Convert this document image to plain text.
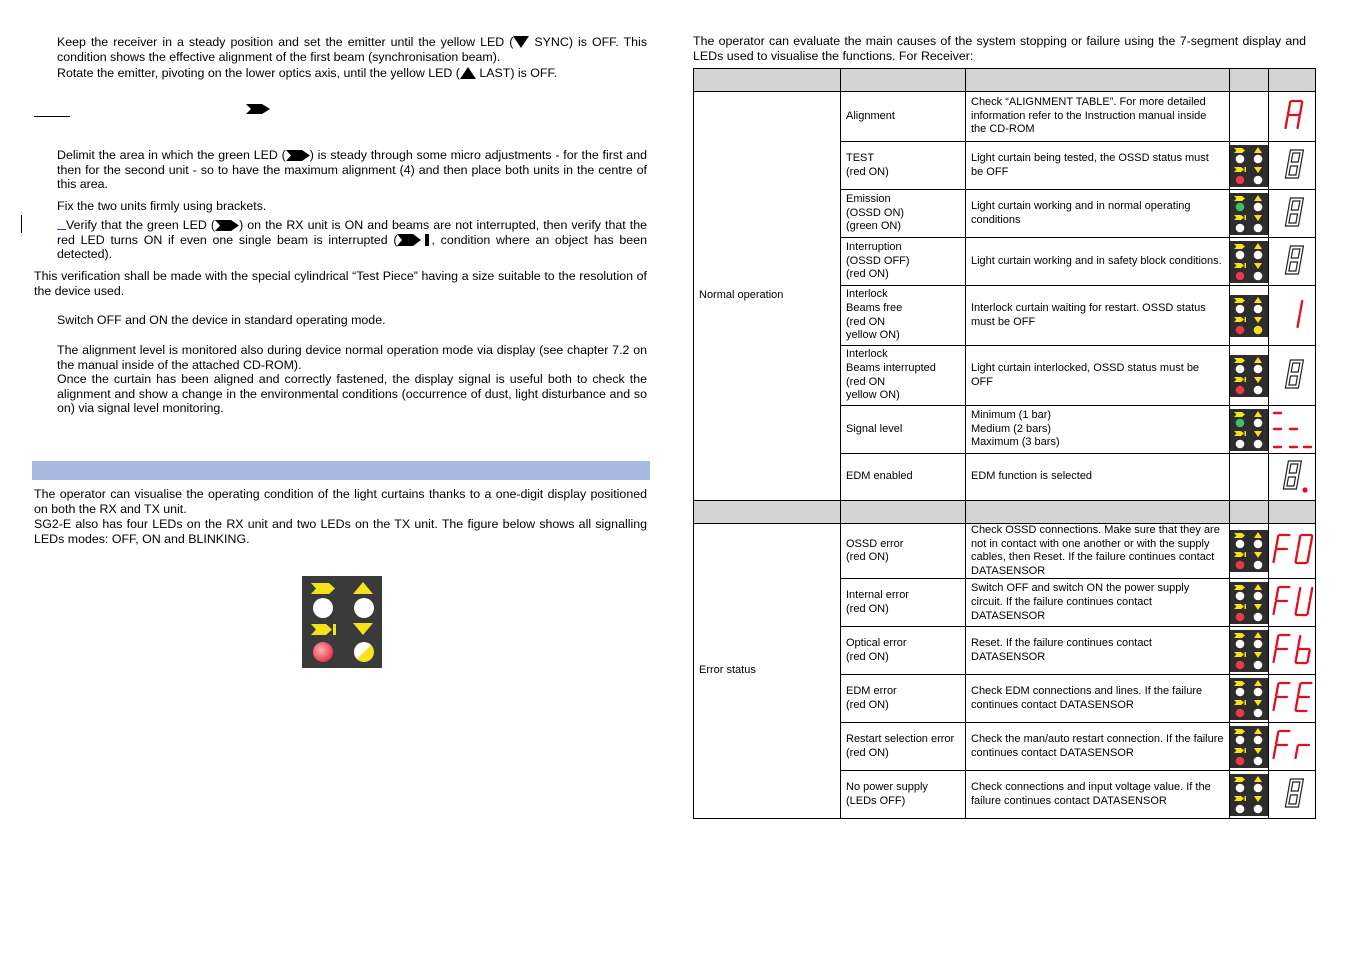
Keep the receiver in a steady position and set the emitter until the yellow LED ( SYNC) is OFF. This condition shows the effective alignment of the first beam (synchronisation beam).
Rotate the emitter, pivoting on the lower optics axis, until the yellow LED ( LAST) is OFF.
Delimit the area in which the green LED ( ) is steady through some micro adjustments - for the first and then for the second unit - so to have the maximum alignment (4) and then place both units in the centre of this area.
Fix the two units firmly using brackets.
Verify that the green LED ( ) on the RX unit is ON and beams are not interrupted, then verify that the red LED turns ON if even one single beam is interrupted (	, condition where an object has been detected).
This verification shall be made with the special cylindrical “Test Piece” having a size suitable to the resolution of the device used.
Switch OFF and ON the device in standard operating mode.
The alignment level is monitored also during device normal operation mode via display (see chapter 7.2 on the manual inside of the attached CD-ROM).
Once the curtain has been aligned and correctly fastened, the display signal is useful both to check the alignment and show a change in the environmental conditions (occurrence of dust, light disturbance and so on) via signal level monitoring.
The operator can visualise the operating condition of the light curtains thanks to a one-digit display positioned on both the RX and TX unit.
SG2-E also has four LEDs on the RX unit and two LEDs on the TX unit. The figure below shows all signalling LEDs modes: OFF, ON and BLINKING.
The operator can evaluate the main causes of the system stopping or failure using the 7-segment display and LEDs used to visualise the functions. For Receiver:

Normal operation	Alignment	Check “ALIGNMENT TABLE”. For more detailed information refer to the Instruction manual inside the CD-ROM		

	TEST
(red ON)	Light curtain being tested, the OSSD status must be OFF	

	Emission
(OSSD ON)
(green ON)	Light curtain working and in normal operating conditions	

	Interruption
(OSSD OFF)
(red ON)	Light curtain working and in safety block conditions.	

	Interlock
Beams free
(red ON
yellow ON)	Interlock curtain waiting for restart. OSSD status must be OFF	

	Interlock
Beams interrupted
(red ON
yellow ON)	Light curtain interlocked, OSSD status must be OFF	

	Signal level	Minimum (1 bar)
Medium (2 bars)
Maximum (3 bars)	

	EDM enabled	EDM function is selected		

Error status	OSSD error
(red ON)	Check OSSD connections. Make sure that they are not in contact with one another or with the supply cables, then Reset. If the failure continues contact DATASENSOR	

	Internal error
(red ON)	Switch OFF and switch ON the power supply circuit. If the failure continues contact DATASENSOR	

	Optical error
(red ON)	Reset. If the failure continues contact DATASENSOR	

	EDM error
(red ON)	Check EDM connections and lines. If the failure continues contact DATASENSOR	

	Restart selection error
(red ON)	Check the man/auto restart connection. If the failure continues contact DATASENSOR	

	No power supply
(LEDs OFF)	Check connections and input voltage value. If the failure continues contact DATASENSOR	
